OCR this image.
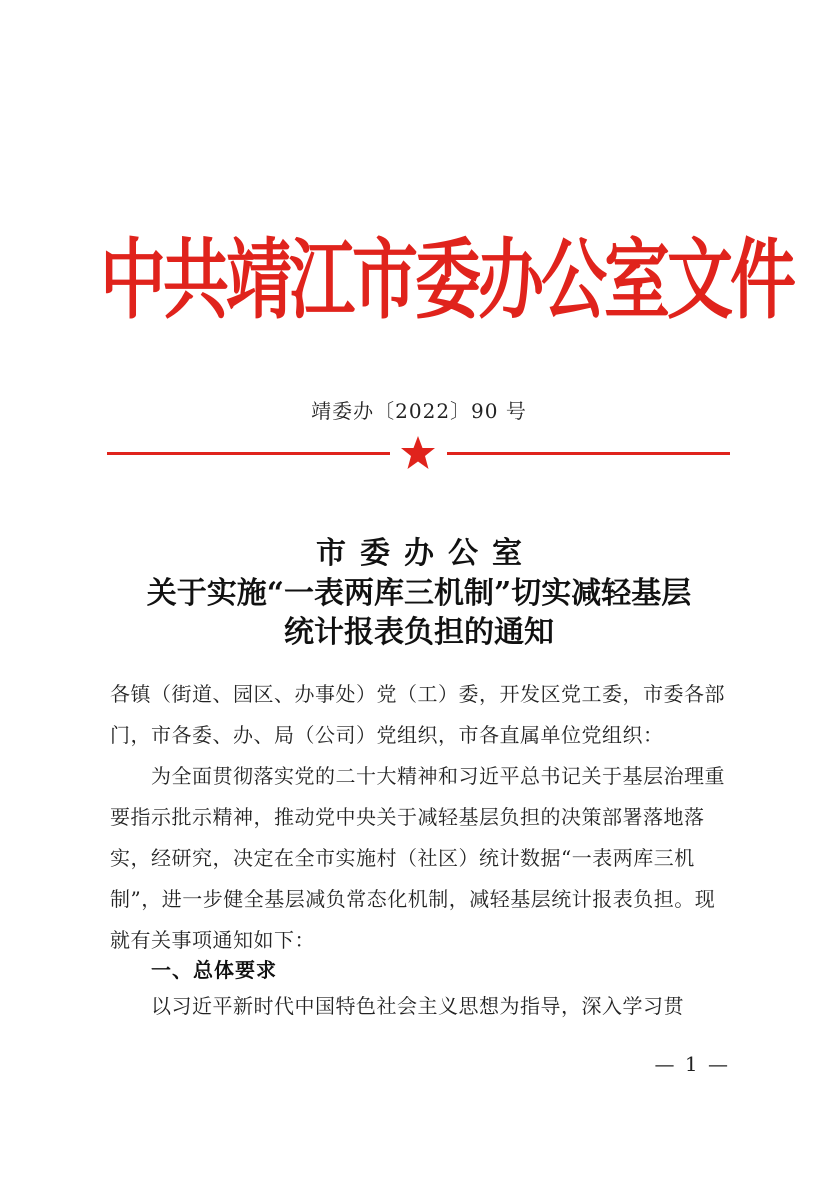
中共靖江市委办公室文件
靖委办〔2022〕90 号
市委办公室
关于实施“一表两库三机制”切实减轻基层
统计报表负担的通知
各镇（街道、园区、办事处）党（工）委，开发区党工委，市委各部门，市各委、办、局（公司）党组织，市各直属单位党组织：
为全面贯彻落实党的二十大精神和习近平总书记关于基层治理重要指示批示精神，推动党中央关于减轻基层负担的决策部署落地落实，经研究，决定在全市实施村（社区）统计数据“一表两库三机制”，进一步健全基层减负常态化机制，减轻基层统计报表负担。现就有关事项通知如下：
一、总体要求
以习近平新时代中国特色社会主义思想为指导，深入学习贯
— 1 —
